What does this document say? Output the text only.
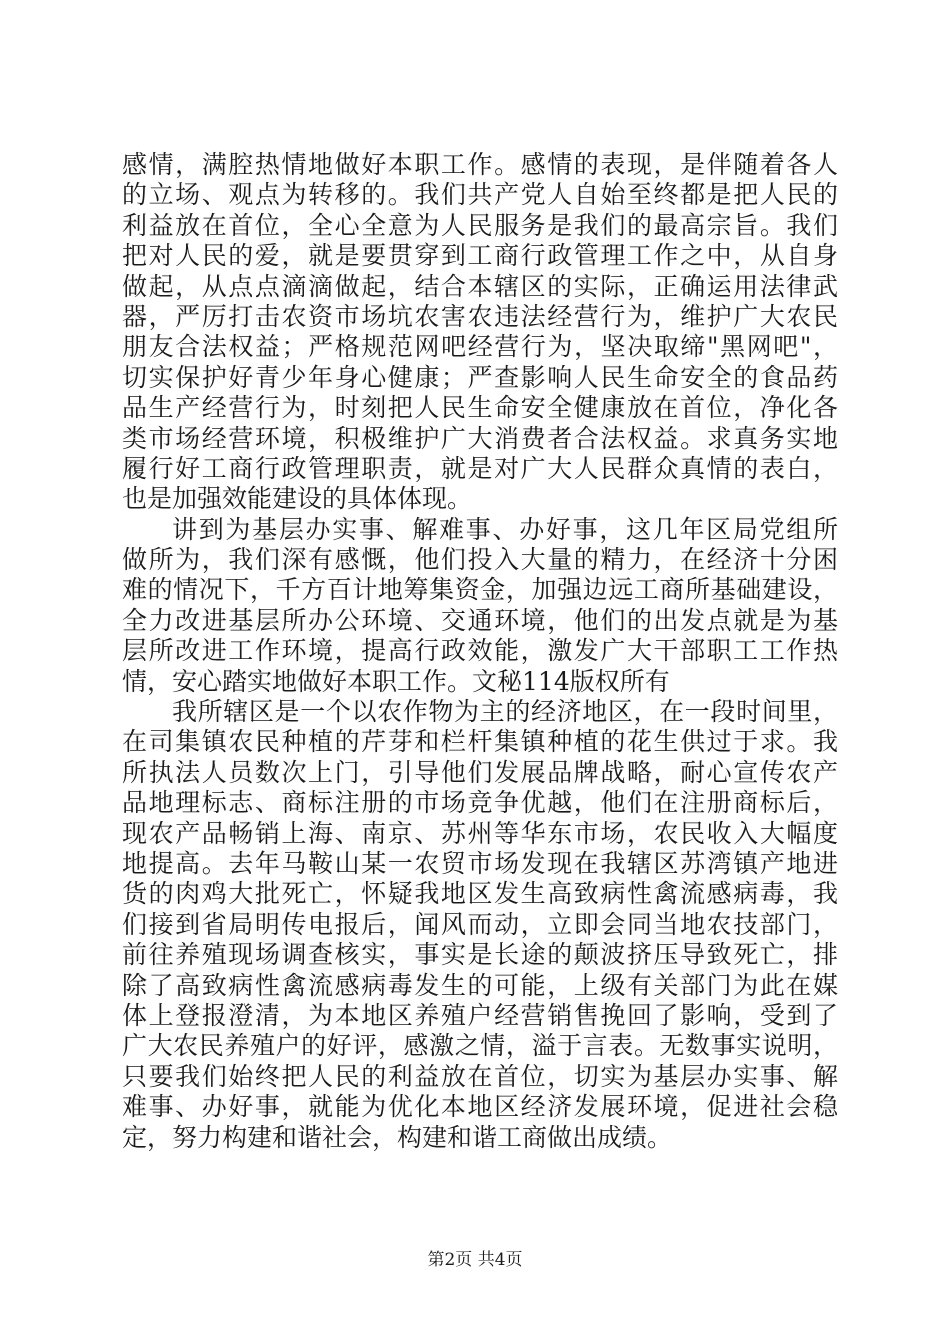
感情，满腔热情地做好本职工作。感情的表现，是伴随着各人
的立场、观点为转移的。我们共产党人自始至终都是把人民的
利益放在首位，全心全意为人民服务是我们的最高宗旨。我们
把对人民的爱，就是要贯穿到工商行政管理工作之中，从自身
做起，从点点滴滴做起，结合本辖区的实际，正确运用法律武
器，严厉打击农资市场坑农害农违法经营行为，维护广大农民
朋友合法权益；严格规范网吧经营行为，坚决取缔"黑网吧"，
切实保护好青少年身心健康；严查影响人民生命安全的食品药
品生产经营行为，时刻把人民生命安全健康放在首位，净化各
类市场经营环境，积极维护广大消费者合法权益。求真务实地
履行好工商行政管理职责，就是对广大人民群众真情的表白，
也是加强效能建设的具体体现。
讲到为基层办实事、解难事、办好事，这几年区局党组所
做所为，我们深有感慨，他们投入大量的精力，在经济十分困
难的情况下，千方百计地筹集资金，加强边远工商所基础建设，
全力改进基层所办公环境、交通环境，他们的出发点就是为基
层所改进工作环境，提高行政效能，激发广大干部职工工作热
情，安心踏实地做好本职工作。文秘114版权所有
我所辖区是一个以农作物为主的经济地区，在一段时间里，
在司集镇农民种植的芹芽和栏杆集镇种植的花生供过于求。我
所执法人员数次上门，引导他们发展品牌战略，耐心宣传农产
品地理标志、商标注册的市场竞争优越，他们在注册商标后，
现农产品畅销上海、南京、苏州等华东市场，农民收入大幅度
地提高。去年马鞍山某一农贸市场发现在我辖区苏湾镇产地进
货的肉鸡大批死亡，怀疑我地区发生高致病性禽流感病毒，我
们接到省局明传电报后，闻风而动，立即会同当地农技部门，
前往养殖现场调查核实，事实是长途的颠波挤压导致死亡，排
除了高致病性禽流感病毒发生的可能，上级有关部门为此在媒
体上登报澄清，为本地区养殖户经营销售挽回了影响，受到了
广大农民养殖户的好评，感激之情，溢于言表。无数事实说明，
只要我们始终把人民的利益放在首位，切实为基层办实事、解
难事、办好事，就能为优化本地区经济发展环境，促进社会稳
定，努力构建和谐社会，构建和谐工商做出成绩。
第2页 共4页
